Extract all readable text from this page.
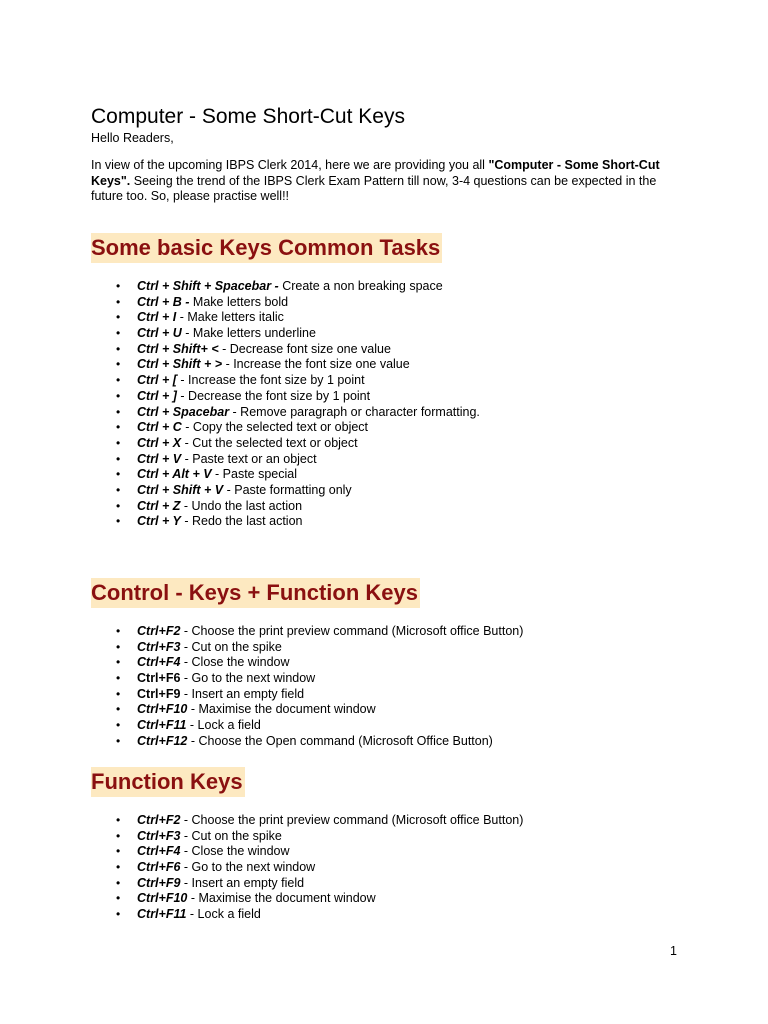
Computer - Some Short-Cut Keys

Hello Readers,

In view of the upcoming IBPS Clerk 2014, here we are providing you all "Computer - Some Short-Cut Keys". Seeing the trend of the IBPS Clerk Exam Pattern till now, 3-4 questions can be expected in the future too. So, please practise well!!

Some basic Keys Common Tasks
• Ctrl + Shift + Spacebar - Create a non breaking space
• Ctrl + B - Make letters bold
• Ctrl + I - Make letters italic
• Ctrl + U - Make letters underline
• Ctrl + Shift+ < - Decrease font size one value
• Ctrl + Shift + > - Increase the font size one value
• Ctrl + [ - Increase the font size by 1 point
• Ctrl + ] - Decrease the font size by 1 point
• Ctrl + Spacebar - Remove paragraph or character formatting.
• Ctrl + C - Copy the selected text or object
• Ctrl + X - Cut the selected text or object
• Ctrl + V - Paste text or an object
• Ctrl + Alt + V - Paste special
• Ctrl + Shift + V - Paste formatting only
• Ctrl + Z - Undo the last action
• Ctrl + Y - Redo the last action
Control - Keys + Function Keys
• Ctrl+F2 - Choose the print preview command (Microsoft office Button)
• Ctrl+F3 - Cut on the spike
• Ctrl+F4 - Close the window
• Ctrl+F6 - Go to the next window
• Ctrl+F9 - Insert an empty field
• Ctrl+F10 - Maximise the document window
• Ctrl+F11 - Lock a field
• Ctrl+F12 - Choose the Open command (Microsoft Office Button)
Function Keys
• Ctrl+F2 - Choose the print preview command (Microsoft office Button)
• Ctrl+F3 - Cut on the spike
• Ctrl+F4 - Close the window
• Ctrl+F6 - Go to the next window
• Ctrl+F9 - Insert an empty field
• Ctrl+F10 - Maximise the document window
• Ctrl+F11 - Lock a field

1
